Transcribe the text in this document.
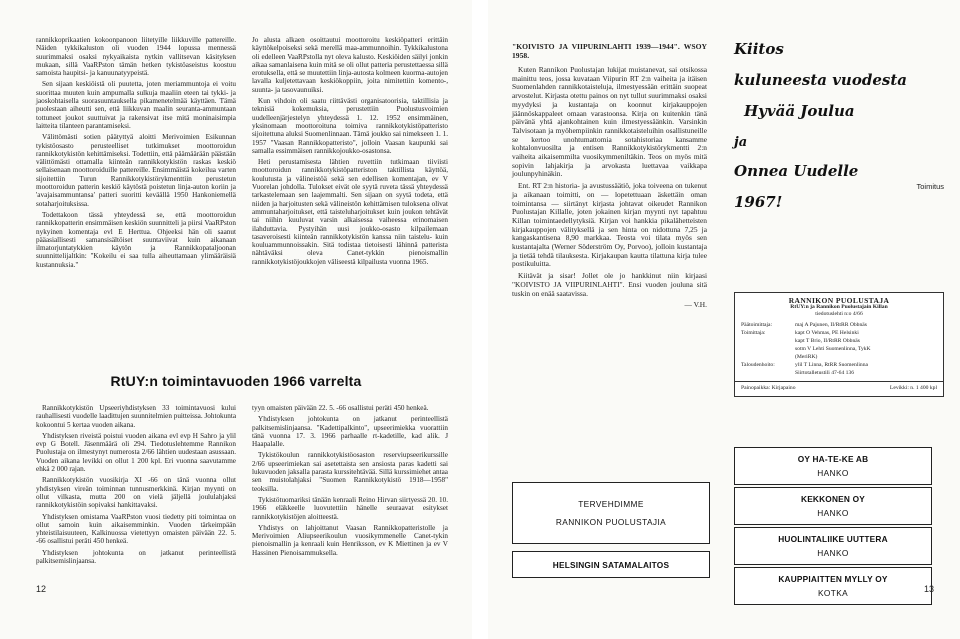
rannikkoprikaatien kokoonpanoon liitetyille liikkuville pattereille. Näiden tykkikaluston oli vuoden 1944 lopussa mennessä suurimmaksi osaksi nykyaikaista nytkin vallitsevan käsityksen mukaan, sillä VaaRPston tämän hetken tykistöaseistus koostuu samoista haupitsi- ja kanuunatyypeistä.

Sen sijaan keskiöistä oli puutetta, joten meriammuntoja ei voitu suorittaa muuten kuin ampumalla sulkuja maaliin eteen tai tykki- ja jaoskohtaisella suorasuuntauksella pikamenetelmää käyttäen. Tämä puolestaan aiheutti sen, että liikkuvan maalin seuranta-ammuntaan tottuneet joukot suuttuivat ja rakensivat itse mitä moninaisimpia laitteita tilanteen parantamiseksi.

Välittömästi sotien päätyttyä aloitti Merivoimien Esikunnan tykistöosasto perusteelliset tutkimukset moottoroidun rannikkotykistön kehittämiseksi. Todettiin, että päämäärään päästään välittömästi ottamalla kiinteän rannikkotykistön raskas keskiö sellaisenaan moottoroiduille pattereille. Ensimmäistä kokeilua varten sijoitettiin Turun Rannikkotykistörykmenttiin perustetun moottoroidun patterin keskiö käytöstä poistetun linja-auton koriin ja 'avajaisammuntansa' patteri suoritti keväällä 1950 Hankoniemellä sotaharjoituksissa.

Todettakoon tässä yhteydessä se, että moottoroidun rannikkopatterin ensimmäisen keskiön suunnitteli ja piirsi VaaRPston nykyinen komentaja evl E Herttua. Ohjeeksi hän oli saanut pääasiallisesti samansisältöiset suuntaviivat kuin aikanaan ilmatorjuntatykkien käytön ja Rannikkopataljoonan suunnittelijaltkin: "Kokeilu ei saa tulla aiheuttamaan ylimääräisiä kustannuksia."

Jo alusta alkaen osoittautui moottoroitu keskiöpatteri erittäin käyttökelpoiseksi sekä merellä maa-ammunnoihin. Tykkikalustona oli edelleen VaaRPstolla nyt oleva kalusto. Keskiöiden säilyi jonkin aikaa samanlaisena kuin mitä se oli ollut patteria perustettaessa sillä erotuksella, että se muutettiin linja-autosta kolmeen kuorma-autojen lavalla kuljetettavaan keskiökoppiin, joita nimitettiin komento-, suunta- ja tasovaunuiksi.

Kun vihdoin oli saatu riittävästi organisatoorisia, taktillisia ja teknisiä kokemuksia, perustettiin Puolustusvoimien uudelleenjärjestelyn yhteydessä 1. 12. 1952 ensimmäinen, yksinomaan moottoroituna toimiva rannikkotykistöpatteristo sijoitettuna aluksi Suomenlinnaan. Tämä joukko sai nimekseen 1. 1. 1957 "Vaasan Rannikkopatteristo", jolloin Vaasan kaupunki sai samalla essimmäisen rannikkojoukko-osastonsa.

Heti perustamisesta lähtien ruvettiin tutkimaan tiiviisti moottoroidun rannikkotykistöpatteriston taktillista käyttöä, koulutusta ja välineistöä sekä sen edellisen komentajan, ev V Vuorelan johdolla. Tulokset eivät ole syytä ruveta tässä yhteydessä tarkastelemaan sen laajemmalti. Sen sijaan on syytä todeta, että niiden ja harjoitusten sekä välineistön kehittämisen tuloksena olivat ammuntaharjoitukset, että taisteluharjoitukset kuin joukon tehtävät tai niihin kuuluvat varsin alkaisessa vaiheessa erinomaisen ilahduttavia. Pystyihän uusi joukko-osasto kilpailemaan tasaveroisesti kiinteän rannikkotykistön kanssa niin taistelu- kuin kouluammunnoissakin. Sitä todistaa tietoisesti lähinnä patterista nähtäväksi oleva Canet-tykkin pienoismallin rannikkotykistöjoukkojen väliseestä kilpailusta vuonna 1965.

RtUY:n toimintavuoden 1966 varrelta

Rannikkotykistön Upseeriyhdistyksen 33 toimintavuosi kului rauhallisesti vuodelle laadittujen suunnitelmien puitteissa. Johtokunta kokoontui 5 kertaa vuoden aikana.

Yhdistyksen riveistä poistui vuoden aikana evl evp H Sahro ja ylil evp G Botell. Jäsenmäärä oli 294. Tiedotuslehtemme Rannikon Puolustaja on ilmestynyt numerosta 2/66 lähtien uudestaan asussaan. Vuoden aikana levikki on ollut 1 200 kpl. Eri vuonna saavutamme ehkä 2 000 rajan.

Rannikkotykistön vuosikirja XI -66 on tänä vuonna ollut yhdistyksen vireän toiminnan tunnusmerkkinä. Kirjan myynti on ollut vilkasta, mutta 200 on vielä jäljellä joululahjaksi rannikkotykistöin sopivaksi hankittavaksi.

Yhdistyksen omistama VaaRPston vuosi tiedetty piti toimintaa on ollut samoin kuin aikaisemminkin. Vuoden tärkeimpään yhteistilaisuuteen, Kalkinuossa vietettyyn omaisten päivään 22. 5. -66 osallistui peräti 450 henkeä.

Yhdistyksen johtokunta on jatkanut perinteellistä palkitsemislinjaansa.

tyyn omaisten päivään 22. 5. -66 osallistui peräti 450 henkeä.

Yhdistyksen johtokunta on jatkanut perinteellistä palkitsemislinjaansa. "Kadettipalkinto", upseerimiekka vuorattiin tänä vuonna 17. 3. 1966 parhaalle rt-kadetille, kad alik. J Haapalalle.

Tykistökoulun rannikkotykistöosaston reserviupseerikurssille 2/66 upseerimiekan sai asetettaista sen ansiosta paras kadetti sai lukuvuoden jaksalla parasta kurssitehtävää. Sillä kurssimiehet antaa sen muistolahjaksi "Suomen Rannikkotykistö 1918—1958" teoksilla.

Tykistötuomariksi tänään kenraali Reino Hirvan siirtyessä 20. 10. 1966 eläkkeelle luovutettiin hänelle seuraavat esitykset rannikkotykistöjen aloitteestä.

Yhdistys on lahjoittanut Vaasan Rannikkopatteristolle ja Merivoimien Aliupseerikoulun vuosikymmenelle Canet-tykin pienoismallin ja kenraali kuin Henriksson, ev K Miettinen ja ev V Hassinen Pienoisammuksella.

12

"KOIVISTO JA VIIPURINLAHTI 1939—1944". WSOY 1958.

Kuten Rannikon Puolustajan lukijat muistanevat, sai otsikossa mainittu teos, jossa kuvataan Viipurin RT 2:n vaiheita ja itäisen Suomenlahden rannikkotaisteluja, ilmestyessään erittäin suopeat arvostelut. Kirjasta otettu painos on nyt tullut suurimmaksi osaksi myydyksi ja kustantaja on koonnut kirjakauppojen jäännöskappaleet omaan varastoonsa. Kirja on kuitenkin tänä päivänä yhtä ajankohtainen kuin ilmestyessäänkin. Varsinkin Talvisotaan ja myöhempiinkin rannikkotaisteluihin osallistuneille se kertoo unohtumattomia sotahistoriaa kansamme kohtalonvuosilta ja entisen Rannikkotykistörykmentti 2:n vaiheita aikaisemmilta vuosikymmeniltäkin. Teos on myös mitä sopivin lahjakirja ja arvokasta luettavaa vaikkapa joulunpyhinäkin.

Ent. RT 2:n historia- ja avustussäätiö, joka toiveena on tukenut ja aikanaan toimitti, on — lopetettuaan äskettäin oman toimintansa — siirtänyt kirjasta johtavat oikeudet Rannikon Puolustajan Killalle, joten jokainen kirjan myynti nyt tapahtuu Killan toimintaedellytyksiä. Kirjan voi hankkia pikalähetteisten kirjakauppojen välityksellä ja sen hinta on nidottuna 7,25 ja kangaskantisena 8,90 markkaa. Teosta voi tilata myös sen kustantajalta (Werner Söderström Oy, Porvoo), jolloin kustantaja ja tietää tehdä tilauksesta. Kirjakaupan kautta tilattuna kirja tulee postikuluitta.

Kiitävät ja sisar! Jollet ole jo hankkinut niin kirjaasi "KOIVISTO JA VIIPURINLAHTI". Ensi vuoden jouluna sitä tuskin on enää saatavissa.

— V.H.

Kiitos
kuluneesta vuodesta
Hyvää Joulua
ja
Onnea Uudelle
1967!
Toimitus
RANNIKON PUOLUSTAJA
RtUY:n ja Rannikon Puolustajain Killan
tiedotuslehti n:o 4/66
Päätoimittaja:	maj A Pajunen, II/RtRR Obbnäs
Toimittaja:	kapt O Vehmas, PE Helsinki
kapt T Brio, II/RtRR Obbnäs
sotm V Lehti Suomenlinna, TykK
(MeriRK)
Taloudenhoito:	ylil T Linna, RtRR Suomenlinna
Siirtotalletustili 47-64 136
Painopaikka: Kirjapaino	Levikki: n. 1 400 kpl
TERVEHDIMME
RANNIKON PUOLUSTAJIA
HELSINGIN SATAMALAITOS
OY HA-TE-KE AB
HANKO
KEKKONEN OY
HANKO
HUOLINTALIIKE UUTTERA
HANKO
KAUPPIAITTEN MYLLY OY
KOTKA	13
